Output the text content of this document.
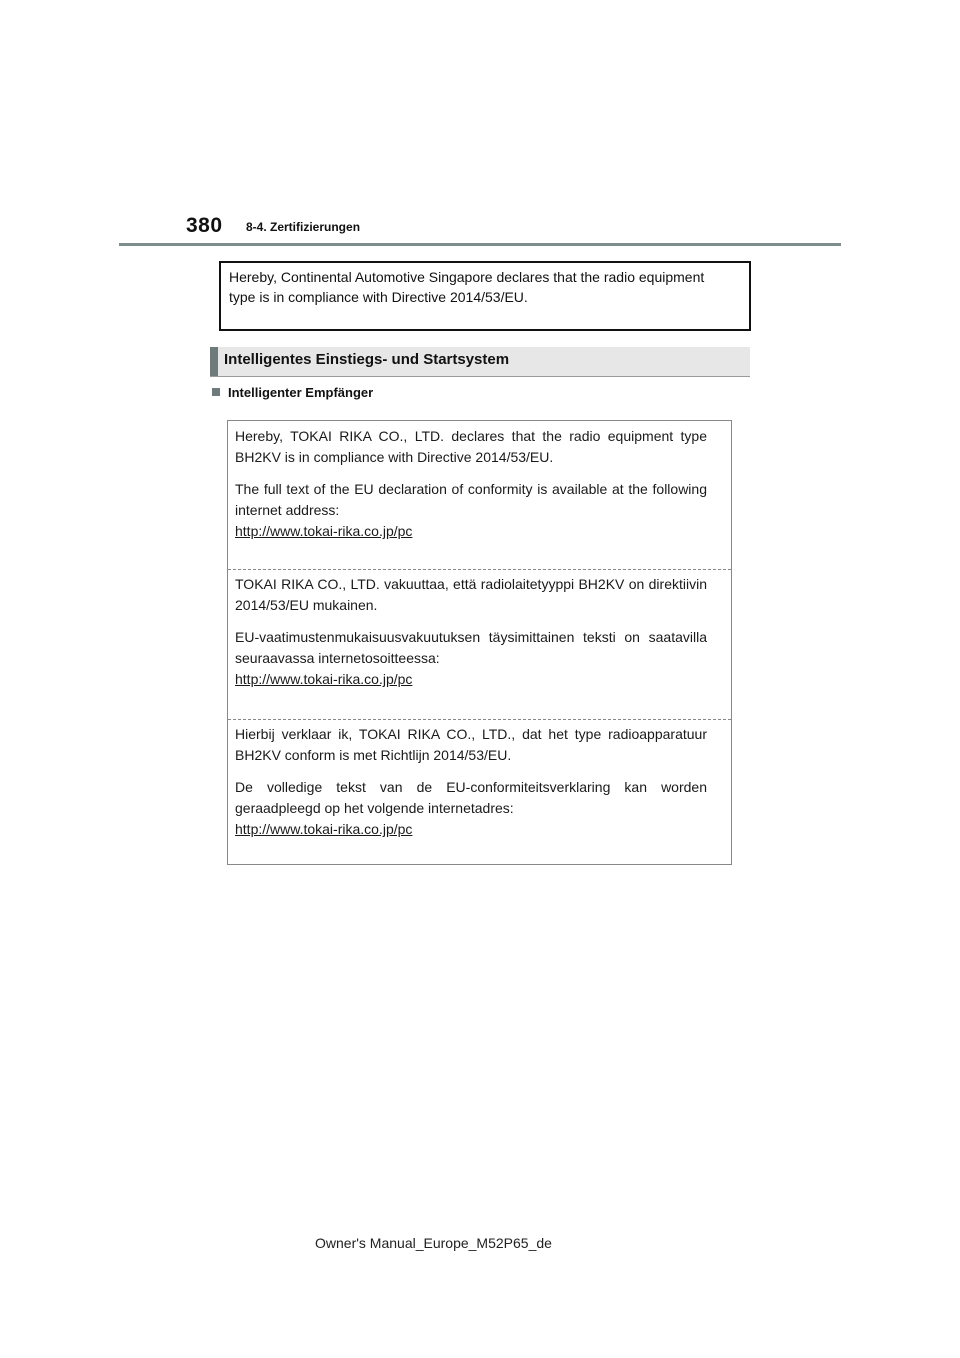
380 8-4. Zertifizierungen
Hereby, Continental Automotive Singapore declares that the radio equipment
type is in compliance with Directive 2014/53/EU.
Intelligentes Einstiegs- und Startsystem
Intelligenter Empfänger
Hereby, TOKAI RIKA CO., LTD. declares that the radio equipment type BH2KV is in compliance with Directive 2014/53/EU.
The full text of the EU declaration of conformity is available at the following internet address:
http://www.tokai-rika.co.jp/pc
TOKAI RIKA CO., LTD. vakuuttaa, että radiolaitetyyppi BH2KV on direktiivin 2014/53/EU mukainen.
EU-vaatimustenmukaisuusvakuutuksen täysimittainen teksti on saatavilla seuraavassa internetosoitteessa:
http://www.tokai-rika.co.jp/pc
Hierbij verklaar ik, TOKAI RIKA CO., LTD., dat het type radioapparatuur BH2KV conform is met Richtlijn 2014/53/EU.
De volledige tekst van de EU-conformiteitsverklaring kan worden geraadpleegd op het volgende internetadres:
http://www.tokai-rika.co.jp/pc
Owner's Manual_Europe_M52P65_de
